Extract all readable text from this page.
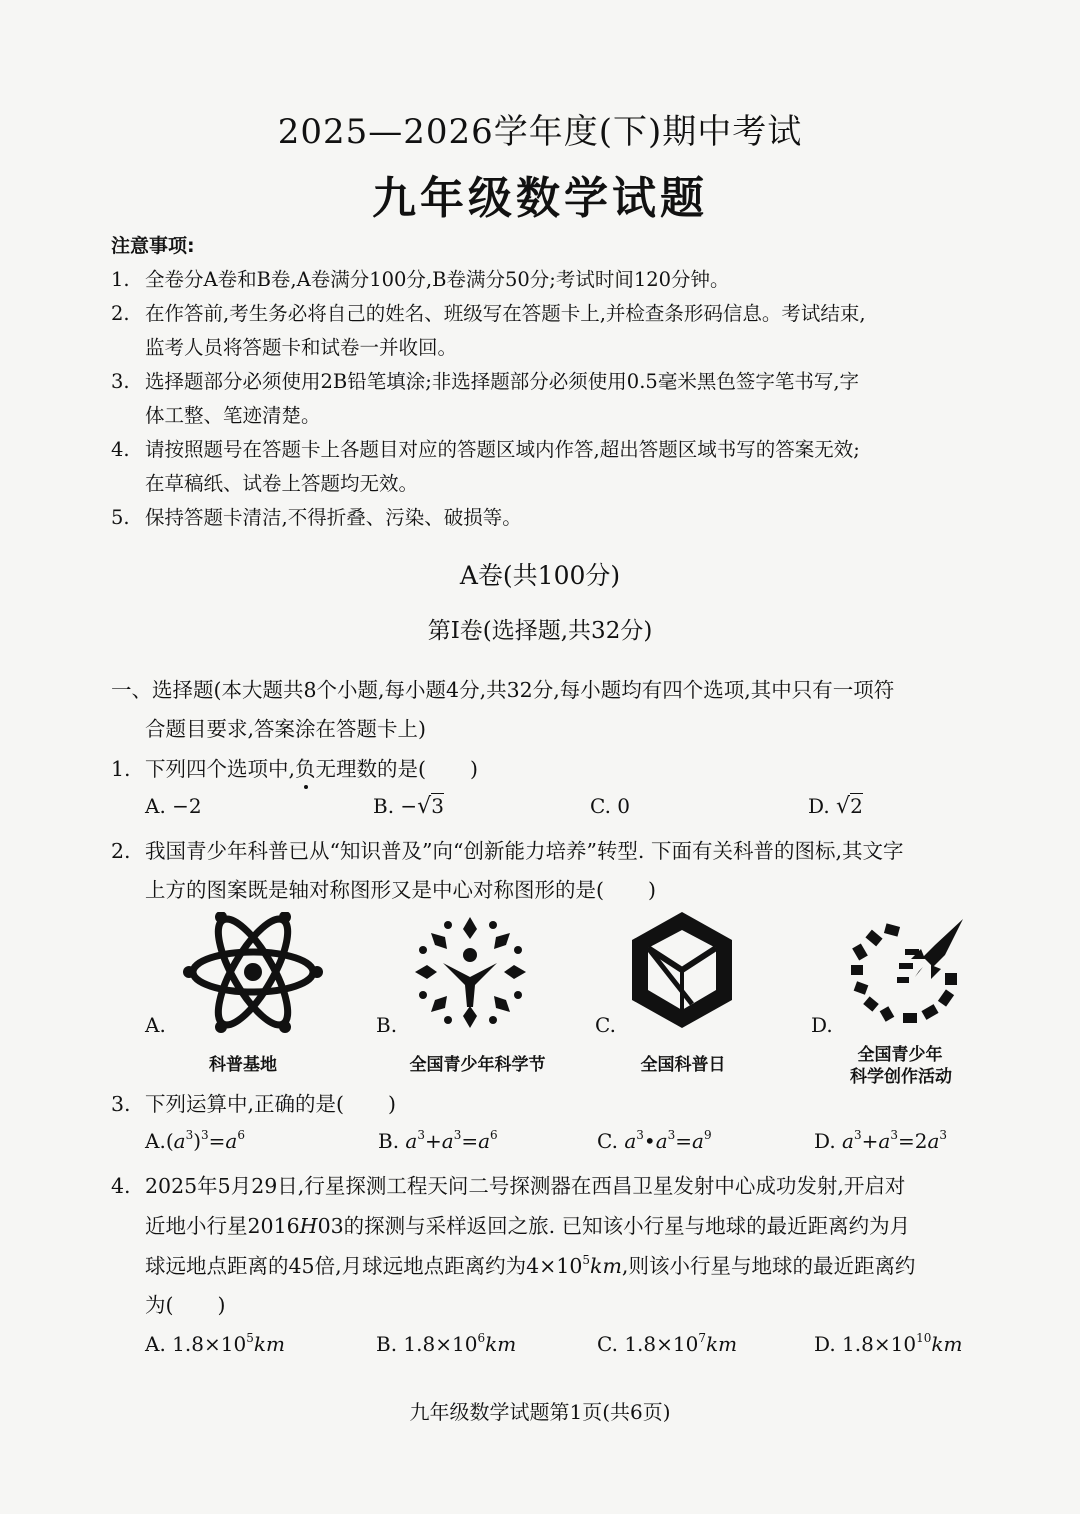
2025—2026学年度(下)期中考试
九年级数学试题
注意事项:
1. 全卷分A卷和B卷,A卷满分100分,B卷满分50分;考试时间120分钟。
2. 在作答前,考生务必将自己的姓名、班级写在答题卡上,并检查条形码信息。考试结束,
监考人员将答题卡和试卷一并收回。
3. 选择题部分必须使用2B铅笔填涂;非选择题部分必须使用0.5毫米黑色签字笔书写,字
体工整、笔迹清楚。
4. 请按照题号在答题卡上各题目对应的答题区域内作答,超出答题区域书写的答案无效;
在草稿纸、试卷上答题均无效。
5. 保持答题卡清洁,不得折叠、污染、破损等。
A卷(共100分)
第Ⅰ卷(选择题,共32分)
一、选择题(本大题共8个小题,每小题4分,共32分,每小题均有四个选项,其中只有一项符
合题目要求,答案涂在答题卡上)
1. 下列四个选项中,负无理数的是( )
A. −2	B. −√3	C. 0	D. √2
2. 我国青少年科普已从“知识普及”向“创新能力培养”转型. 下面有关科普的图标,其文字
上方的图案既是轴对称图形又是中心对称图形的是( )
A.	B.	C.	D.
科普基地	全国青少年科学节	全国科普日	全国青少年
科学创作活动
3. 下列运算中,正确的是( )
$A.(a^3)^3=a^6$	B. $a^3+a^3=a^6$	C. $a^3•a^3=a^9$	D. $a^3+a^3=2a^3$
4. 2025年5月29日,行星探测工程天问二号探测器在西昌卫星发射中心成功发射,开启对
近地小行星2016H03的探测与采样返回之旅. 已知该小行星与地球的最近距离约为月
球远地点距离的45倍,月球远地点距离约为$4\times 10^5km$,则该小行星与地球的最近距离约
为( )
A. $1.8\times 10^5km$	B. $1.8\times 10^6km$	C. $1.8\times 10^7km$	D. $1.8\times 10^{10}km$
九年级数学试题第1页(共6页)
